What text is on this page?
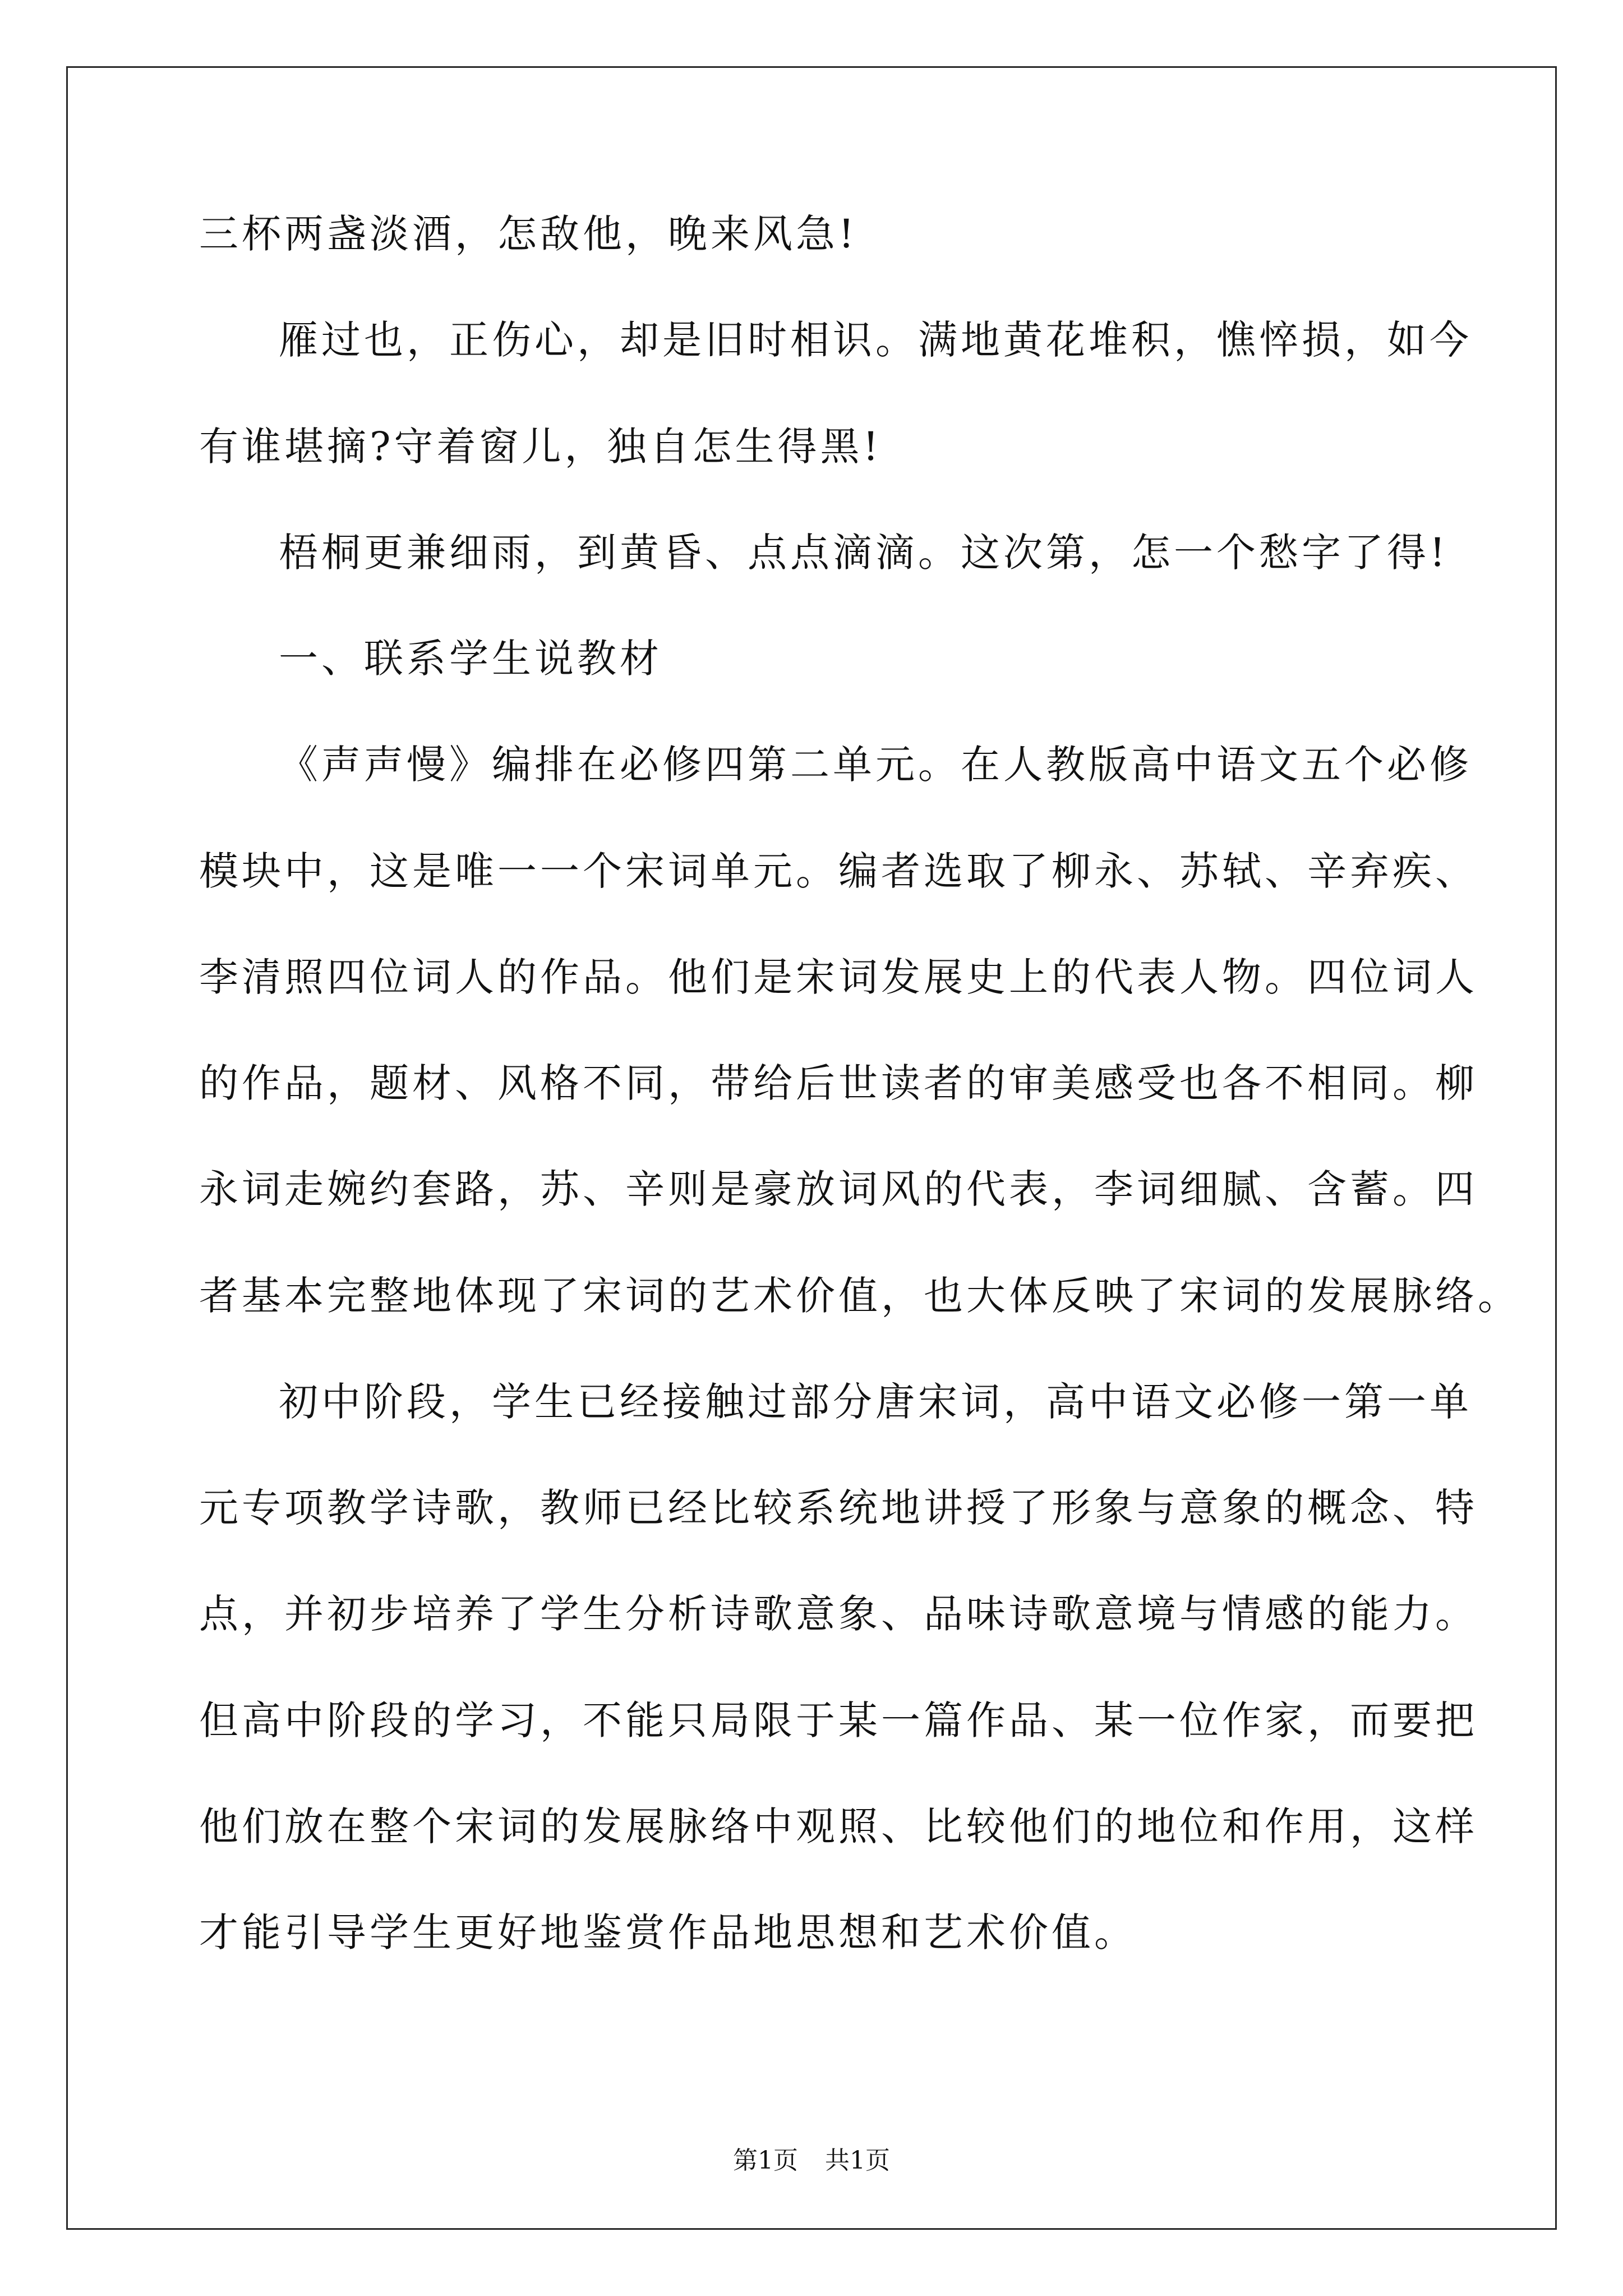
三杯两盏淡酒，怎敌他，晚来风急!
雁过也，正伤心，却是旧时相识。满地黄花堆积，憔悴损，如今
有谁堪摘?守着窗儿，独自怎生得黑!
梧桐更兼细雨，到黄昏、点点滴滴。这次第，怎一个愁字了得!
一、联系学生说教材
《声声慢》编排在必修四第二单元。在人教版高中语文五个必修
模块中，这是唯一一个宋词单元。编者选取了柳永、苏轼、辛弃疾、
李清照四位词人的作品。他们是宋词发展史上的代表人物。四位词人
的作品，题材、风格不同，带给后世读者的审美感受也各不相同。柳
永词走婉约套路，苏、辛则是豪放词风的代表，李词细腻、含蓄。四
者基本完整地体现了宋词的艺术价值，也大体反映了宋词的发展脉络。
初中阶段，学生已经接触过部分唐宋词，高中语文必修一第一单
元专项教学诗歌，教师已经比较系统地讲授了形象与意象的概念、特
点，并初步培养了学生分析诗歌意象、品味诗歌意境与情感的能力。
但高中阶段的学习，不能只局限于某一篇作品、某一位作家，而要把
他们放在整个宋词的发展脉络中观照、比较他们的地位和作用，这样
才能引导学生更好地鉴赏作品地思想和艺术价值。
第1页 共1页
